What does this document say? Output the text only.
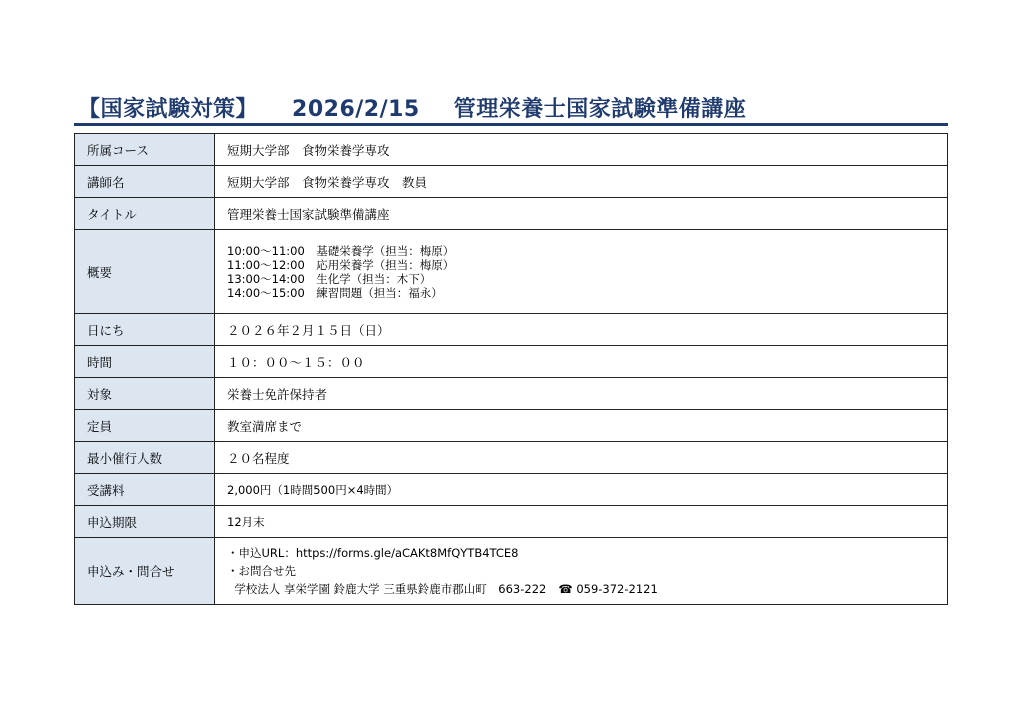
【国家試験対策】 2026/2/15 管理栄養士国家試験準備講座
所属コース	短期大学部　食物栄養学専攻
講師名	短期大学部　食物栄養学専攻　教員
タイトル	管理栄養士国家試験準備講座
概要	10:00〜11:00　基礎栄養学（担当：梅原）
11:00〜12:00　応用栄養学（担当：梅原）
13:00〜14:00　生化学（担当：木下）
14:00〜15:00　練習問題（担当：福永）

日にち	２０２６年２月１５日（日）
時間	１０：００〜１５：００
対象	栄養士免許保持者
定員	教室満席まで
最小催行人数	２０名程度
受講料	2,000円（1時間500円×4時間）
申込期限	12月末
申込み・問合せ	・申込URL：https://forms.gle/aCAKt8MfQYTB4TCE8
・お問合せ先
学校法人 享栄学園 鈴鹿大学 三重県鈴鹿市郡山町　663-222 ☎ 059-372-2121
